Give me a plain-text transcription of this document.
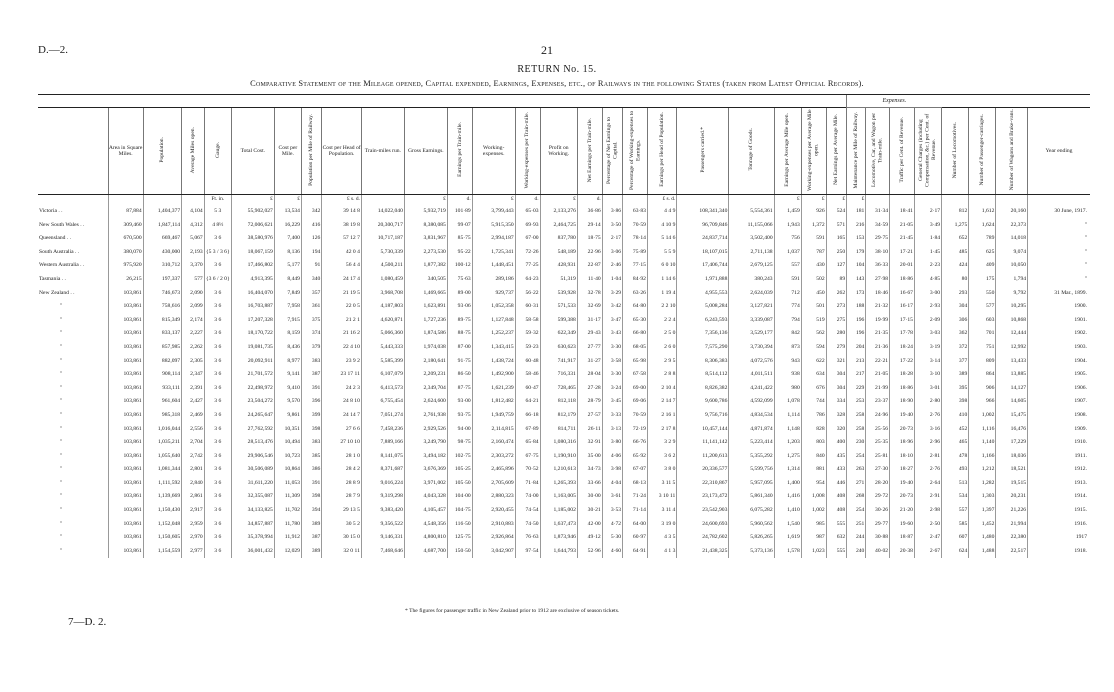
D.—2.	21
RETURN No. 15.
Comparative Statement of the Mileage opened, Capital expended, Earnings, Expenses, etc., of Railways in the following States (taken from Latest Official Records).
																								Expenses.							
	Area in Square Miles.	Population.	Average Miles open.	Gauge.	Total Cost.	Cost per Mile.	Population per Mile of Railway.	Cost per Head of Population.	Train-miles run.	Gross Earnings.	Earnings per Train-mile.	Working-expenses.	Working-expenses per Train-mile.	Profit on Working.	Net Earnings per Train-mile.	Percentage of Net Earnings to Capital.	Percentage of Working-expenses to Earnings.	Earnings per Head of Population.	Passengers carried.*	Tonnage of Goods.	Earnings per Average Mile open.	Working-expenses per Average Mile open.	Net Earnings per Average Mile.	Maintenance per Mile of Railway.	Locomotive, Car, and Wagon per Train-mile.	Traffic per Cent. of Revenue.	General Charges (including Compensation, &c.) per Cent. of Revenue.	Number of Locomotives.	Number of Passenger-carriages.	Number of Wagons and Brake-vans.	Year ending
				Ft. in.	£	£		£ s. d.		£	d.	£	d.	£	d.			£ s. d.			£	£	£	£							
Victoria . .	87,884	1,404,377	4,104	5 3	55,902,027	13,534	342	39 14 8	14,022,040	5,932,719	101·89	3,799,443	65·03	2,133,276	36·86	3·86	63·83	4 4 9	108,341,340	5,554,361	1,459	926	524	181	31·34	18·41	2·17	812	1,612	20,160	30 June, 1917.
New South Wales . .	309,460	1,847,114	4,312	4 8½	72,006,621	16,229	416	38 19 8	20,300,717	8,380,085	99·07	5,915,350	69·93	2,464,725	29·14	3·50	70·59	4 10 9	96,709,846	11,155,066	1,943	1,372	571	216	34·59	21·05	3·49	1,275	1,624	22,373	"
Queensland . .	670,500	669,467	5,067	3 6	38,580,976	7,400	126	57 12 7	10,717,187	3,831,967	85·75	2,994,187	67·00	837,780	18·75	2·17	78·14	5 14 6	24,837,714	3,502,400	756	591	165	153	29·75	21·45	1·84	652	789	14,018	"
South Australia . .	380,070	430,000	2,193	{5 3 / 3 6}	18,067,159	8,136	194	42 0 4	5,730,339	2,273,530	95·22	1,725,341	72·26	548,189	22·96	3·06	75·89	5 5 9	18,107,015	2,711,138	1,037	787	250	179	38·10	17·21	1·45	485	625	9,074	"
Western Australia . .	975,920	310,712	3,370	3 6	17,466,802	5,177	91	56 4 4	4,500,211	1,877,382	100·12	1,448,451	77·25	428,931	22·87	2·46	77·15	6 0 10	17,406,744	2,679,125	557	430	127	104	36·33	20·01	2·23	424	409	10,050	"
Tasmania . .	26,215	197,337	577	{3 6 / 2 0}	4,913,395	8,449	340	24 17 4	1,080,459	340,505	75·63	289,186	64·23	51,319	11·40	1·04	84·92	1 14 6	1,971,888	380,243	591	502	89	143	27·98	18·86	4·85	80	175	1,794	"
New Zealand . .	103,861	746,673	2,090	3 6	16,404,070	7,849	357	21 19 5	3,968,708	1,469,665	89·00	929,737	56·22	539,928	32·78	3·29	63·26	1 19 4	4,955,553	2,624,039	712	450	262	173	18·46	16·67	3·00	293	550	9,792	31 Mar., 1899.
"	103,861	758,616	2,099	3 6	16,703,887	7,958	361	22 0 5	4,187,803	1,623,891	93·06	1,052,358	60·31	571,533	32·69	3·42	64·80	2 2 10	5,008,284	3,127,821	774	501	273	188	21·32	16·17	2·93	304	577	10,295	1900.
"	103,861	815,349	2,174	3 6	17,207,328	7,915	375	21 2 1	4,620,871	1,727,236	89·75	1,127,848	58·58	599,388	31·17	3·47	65·30	2 2 4	6,243,593	3,339,087	794	519	275	196	19·99	17·15	2·09	306	603	10,868	1901.
"	103,861	833,137	2,227	3 6	18,170,722	8,159	374	21 16 2	5,066,360	1,874,586	88·75	1,252,237	59·32	622,349	29·43	3·43	66·80	2 5 0	7,356,136	3,529,177	842	562	280	196	21·35	17·78	3·03	362	701	12,444	1902.
"	103,861	857,985	2,262	3 6	19,081,735	8,436	379	22 4 10	5,443,333	1,974,038	87·00	1,343,415	59·23	630,623	27·77	3·30	68·05	2 6 0	7,575,290	3,730,394	873	594	279	204	21·36	18·24	3·19	372	751	12,992	1903.
"	103,861	882,097	2,305	3 6	20,092,911	8,977	383	23 9 2	5,585,399	2,180,641	91·75	1,438,724	60·48	741,917	31·27	3·58	65·98	2 9 5	8,306,383	4,072,576	943	622	321	213	22·21	17·22	3·14	377	809	13,433	1904.
"	103,861	908,114	2,347	3 6	21,701,572	9,141	387	23 17 11	6,107,079	2,209,231	86·50	1,492,900	58·46	716,331	28·04	3·30	67·58	2 8 8	8,514,112	4,011,511	938	634	304	217	21·05	18·28	3·10	389	864	13,885	1905.
"	103,861	933,111	2,391	3 6	22,498,972	9,410	391	24 2 3	6,413,573	2,349,704	87·75	1,621,239	60·47	728,465	27·28	3·24	69·00	2 10 4	8,826,382	4,241,422	980	676	304	229	21·99	18·86	3·01	395	906	14,127	1906.
"	103,861	961,604	2,427	3 6	23,504,272	9,570	396	24 8 10	6,755,454	2,624,600	93·00	1,812,482	64·21	812,118	28·79	3·45	69·06	2 14 7	9,600,786	4,592,099	1,078	744	334	253	23·37	18·90	2·80	398	966	14,605	1907.
"	103,861	985,318	2,469	3 6	24,265,647	9,861	399	24 14 7	7,051,274	2,761,938	93·75	1,949,759	66·18	812,179	27·57	3·33	70·59	2 16 1	9,756,716	4,834,534	1,114	786	328	258	24·96	19·40	2·76	410	1,002	15,475	1908.
"	103,861	1,016,044	2,556	3 6	27,762,592	10,351	398	27 6 6	7,458,236	2,929,526	94·00	2,114,815	67·89	814,711	26·11	3·13	72·19	2 17 8	10,457,144	4,871,874	1,148	828	320	258	25·56	20·73	3·16	452	1,116	16,476	1909.
"	103,861	1,035,211	2,704	3 6	28,513,476	10,494	383	27 10 10	7,889,166	3,249,790	98·75	2,160,474	65·84	1,080,316	32·91	3·80	66·76	3 2 9	11,141,142	5,223,414	1,203	803	400	230	25·35	18·96	2·96	465	1,140	17,229	1910.
"	103,861	1,055,640	2,742	3 6	29,906,546	10,723	385	28 1 0	8,141,075	3,494,182	102·75	2,303,272	67·75	1,190,910	35·00	4·06	65·92	3 6 2	11,200,613	5,355,292	1,275	840	435	254	25·81	18·10	2·81	478	1,166	18,036	1911.
"	103,861	1,081,344	2,801	3 6	30,506,089	10,864	386	28 4 2	8,371,687	3,676,369	105·25	2,465,896	70·52	1,210,613	34·73	3·98	67·07	3 8 0	20,336,577	5,599,756	1,314	881	433	263	27·30	18·27	2·76	493	1,212	18,521	1912.
"	103,861	1,111,592	2,840	3 6	31,611,220	11,053	391	28 8 9	9,016,224	3,971,002	105·50	2,705,609	71·84	1,265,393	33·66	4·04	68·13	3 11 5	22,310,867	5,957,095	1,400	954	446	271	28·20	19·40	2·64	513	1,282	19,515	1913.
"	103,861	1,139,669	2,861	3 6	32,355,087	11,309	398	28 7 9	9,319,298	4,043,328	104·00	2,880,323	74·00	1,163,005	30·00	3·61	71·24	3 10 11	23,173,472	5,861,340	1,416	1,008	408	268	29·72	20·73	2·91	534	1,303	20,231	1914.
"	103,861	1,150,430	2,917	3 6	34,133,825	11,702	394	29 13 5	9,383,420	4,105,457	104·75	2,920,455	74·54	1,185,002	30·21	3·53	71·14	3 11 4	23,542,903	6,075,282	1,410	1,002	408	254	30·26	21·20	2·98	557	1,397	21,226	1915.
"	103,861	1,152,048	2,959	3 6	34,857,887	11,780	389	30 5 2	9,356,522	4,548,356	116·50	2,910,883	74·50	1,637,473	42·00	4·72	64·00	3 19 0	24,600,693	5,960,562	1,540	985	555	251	29·77	19·60	2·50	585	1,452	21,994	1916.
"	103,861	1,150,605	2,970	3 6	35,378,994	11,912	387	30 15 0	9,146,331	4,800,810	125·75	2,926,864	76·63	1,873,946	49·12	5·30	60·97	4 3 5	24,782,602	5,826,265	1,619	987	632	244	30·88	18·87	2·47	607	1,480	22,380	1917
"	103,861	1,154,559	2,977	3 6	36,001,432	12,029	389	32 0 11	7,468,646	4,687,700	150·50	3,042,907	97·54	1,644,793	52·96	4·60	64·91	4 1 3	21,438,325	5,373,136	1,578	1,023	555	240	40·02	20·38	2·67	624	1,488	22,517	1918.
* The figures for passenger traffic in New Zealand prior to 1912 are exclusive of season tickets.
7—D. 2.
